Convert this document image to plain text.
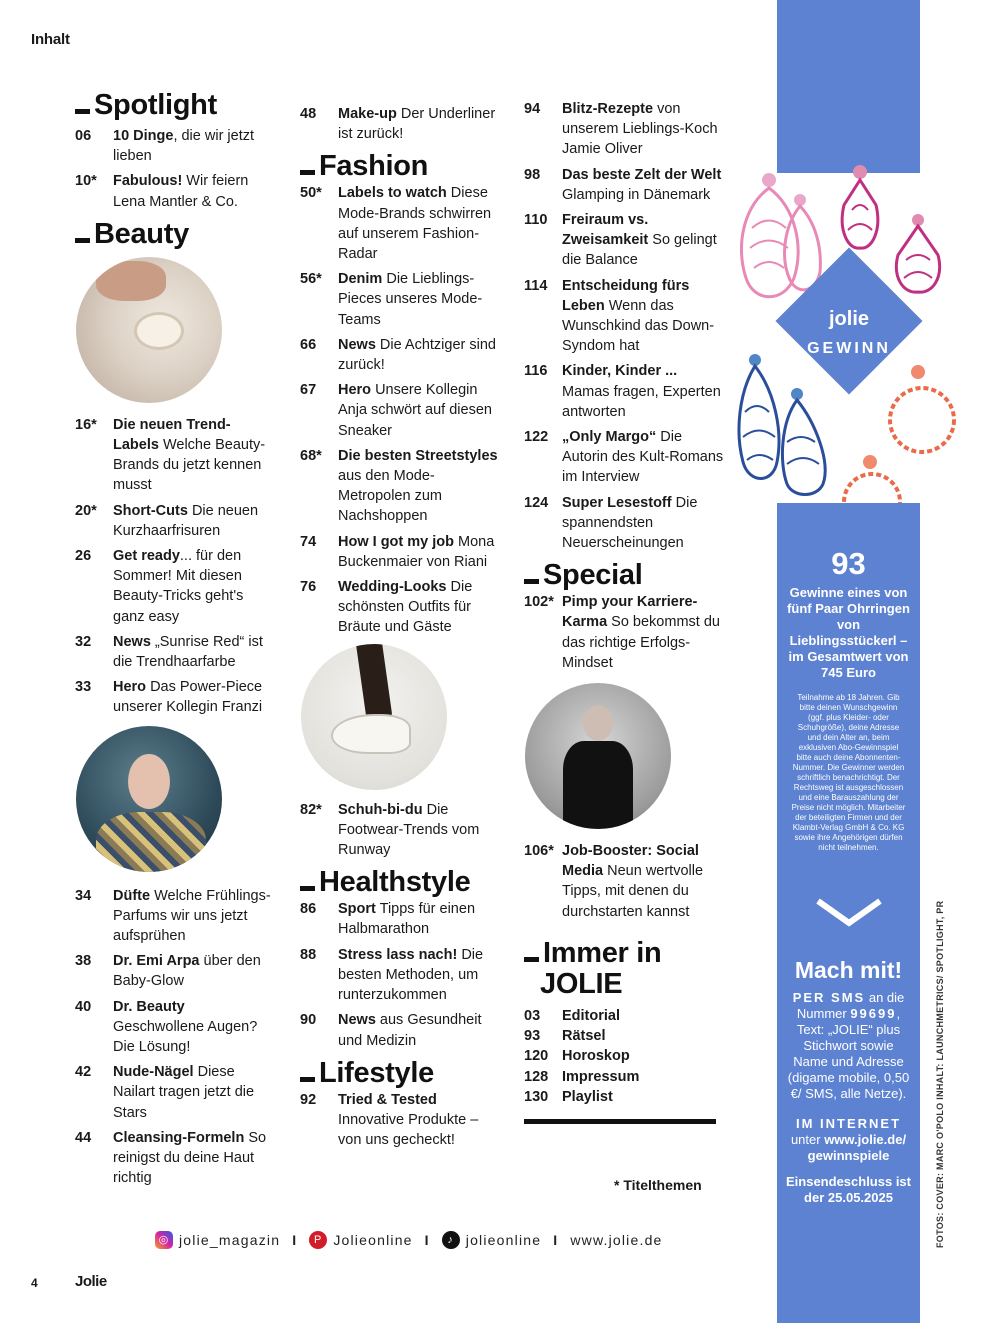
Inhalt
Spotlight
06	10 Dinge, die wir jetzt lieben
10*	Fabulous! Wir feiern Lena Mantler & Co.
Beauty
16*	Die neuen Trend-Labels Welche Beauty-Brands du jetzt kennen musst
20*	Short-Cuts Die neuen Kurzhaarfrisuren
26	Get ready... für den Sommer! Mit diesen Beauty-Tricks geht's ganz easy
32	News „Sunrise Red“ ist die Trendhaarfarbe
33	Hero Das Power-Piece unserer Kollegin Franzi
34	Düfte Welche Frühlings-Parfums wir uns jetzt aufsprühen
38	Dr. Emi Arpa über den Baby-Glow
40	Dr. Beauty Geschwollene Augen? Die Lösung!
42	Nude-Nägel Diese Nailart tragen jetzt die Stars
44	Cleansing-Formeln So reinigst du deine Haut richtig
48	Make-up Der Underliner ist zurück!
Fashion
50*	Labels to watch Diese Mode-Brands schwirren auf unserem Fashion-Radar
56*	Denim Die Lieblings-Pieces unseres Mode-Teams
66	News Die Achtziger sind zurück!
67	Hero Unsere Kollegin Anja schwört auf diesen Sneaker
68*	Die besten Streetstyles aus den Mode-Metropolen zum Nachshoppen
74	How I got my job Mona Buckenmaier von Riani
76	Wedding-Looks Die schönsten Outfits für Bräute und Gäste
82*	Schuh-bi-du Die Footwear-Trends vom Runway
Healthstyle
86	Sport Tipps für einen Halbmarathon
88	Stress lass nach! Die besten Methoden, um runterzukommen
90	News aus Gesundheit und Medizin
Lifestyle
92	Tried & Tested Innovative Produkte – von uns gecheckt!
94	Blitz-Rezepte von unserem Lieblings-Koch Jamie Oliver
98	Das beste Zelt der Welt Glamping in Dänemark
110	Freiraum vs. Zweisamkeit So gelingt die Balance
114	Entscheidung fürs Leben Wenn das Wunschkind das Down-Syndom hat
116	Kinder, Kinder ... Mamas fragen, Experten antworten
122 „Only Margo“ Die Autorin des Kult-Romans im Interview
124 Super Lesestoff Die spannendsten Neuerscheinungen
Special
102* Pimp your Karriere-Karma So bekommst du das richtige Erfolgs- Mindset
106* Job-Booster: Social Media Neun wertvolle Tipps, mit denen du durchstarten kannst
Immer in
JOLIE
03	Editorial
93	Rätsel
120 Horoskop
128 Impressum
130 Playlist
* Titelthemen
jolie
GEWINN
93
Gewinne eines von fünf Paar Ohrringen von Lieblingsstückerl – im Gesamtwert von 745 Euro
Teilnahme ab 18 Jahren. Gib bitte deinen Wunschgewinn (ggf. plus Kleider- oder Schuhgröße), deine Adresse und dein Alter an, beim exklusiven Abo-Gewinnspiel bitte auch deine Abonnenten-Nummer. Die Gewinner werden schriftlich benachrichtigt. Der Rechtsweg ist ausgeschlossen und eine Barauszahlung der Preise nicht möglich. Mitarbeiter der beteiligten Firmen und der Klambt-Verlag GmbH & Co. KG sowie ihre Angehörigen dürfen nicht teilnehmen.
Mach mit!
PER SMS an die Nummer 99699, Text: „JOLIE“ plus Stichwort sowie Name und Adresse (digame mobile, 0,50 €/ SMS, alle Netze).
IM INTERNET
unter www.jolie.de/ gewinnspiele
Einsendeschluss ist der 25.05.2025	FOTOS: COVER: MARC O'POLO INHALT: LAUNCHMETRICS/ SPOTLIGHT, PR
◎ jolie_magazin I	P Jolieonline I	♪ jolieonline I www.jolie.de
4 Jolie
